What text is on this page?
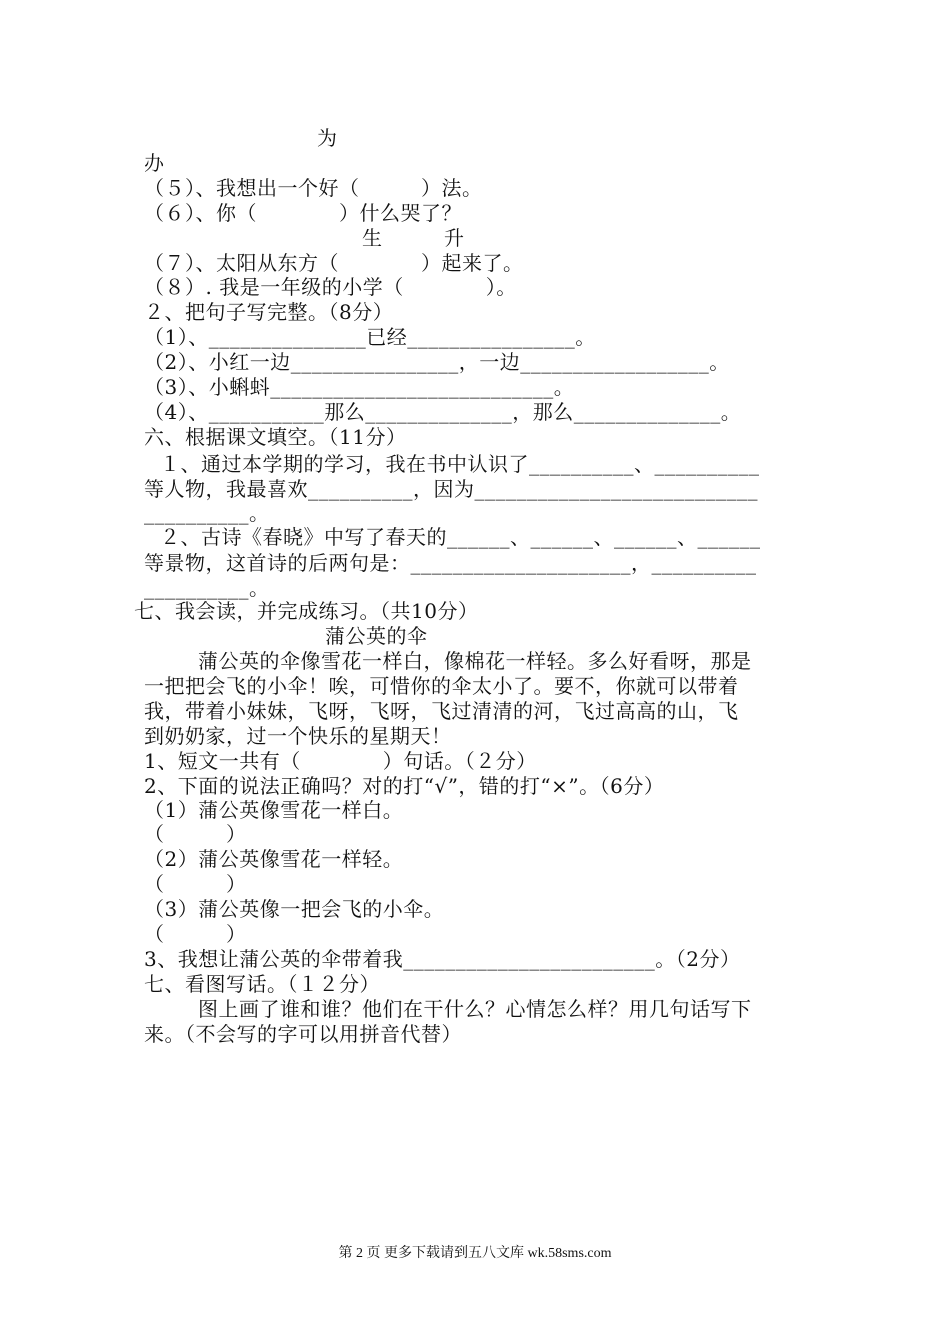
为
办
（５）、我想出一个好（　　　）法。
（６）、你（　　　　）什么哭了？
生　　　升
（７）、太阳从东方（　　　　）起来了。
（８）. 我是一年级的小学（　　　　）。
２、把句子写完整。（8分）
（1）、_______________已经________________。
（2）、小红一边________________，一边__________________。
（3）、小蝌蚪___________________________。
（4）、___________那么______________，那么______________。
六、根据课文填空。（11分）
１、通过本学期的学习，我在书中认识了__________、__________
等人物，我最喜欢__________，因为___________________________
__________。
２、古诗《春晓》中写了春天的______、______、______、______
等景物，这首诗的后两句是：_____________________，__________
__________。
七、我会读，并完成练习。（共10分）
蒲公英的伞
蒲公英的伞像雪花一样白，像棉花一样轻。多么好看呀，那是
一把把会飞的小伞！唉，可惜你的伞太小了。要不，你就可以带着
我，带着小妹妹，飞呀，飞呀，飞过清清的河，飞过高高的山，飞
到奶奶家，过一个快乐的星期天！
1、短文一共有（　　　　）句话。（２分）
2、下面的说法正确吗？对的打“√”，错的打“×”。（6分）
（1）蒲公英像雪花一样白。
（　　　）
（2）蒲公英像雪花一样轻。
（　　　）
（3）蒲公英像一把会飞的小伞。
（　　　）
3、我想让蒲公英的伞带着我________________________。（2分）
七、看图写话。（１２分）
图上画了谁和谁？他们在干什么？心情怎么样？用几句话写下
来。（不会写的字可以用拼音代替）
第 2 页 更多下载请到五八文库 wk.58sms.com
